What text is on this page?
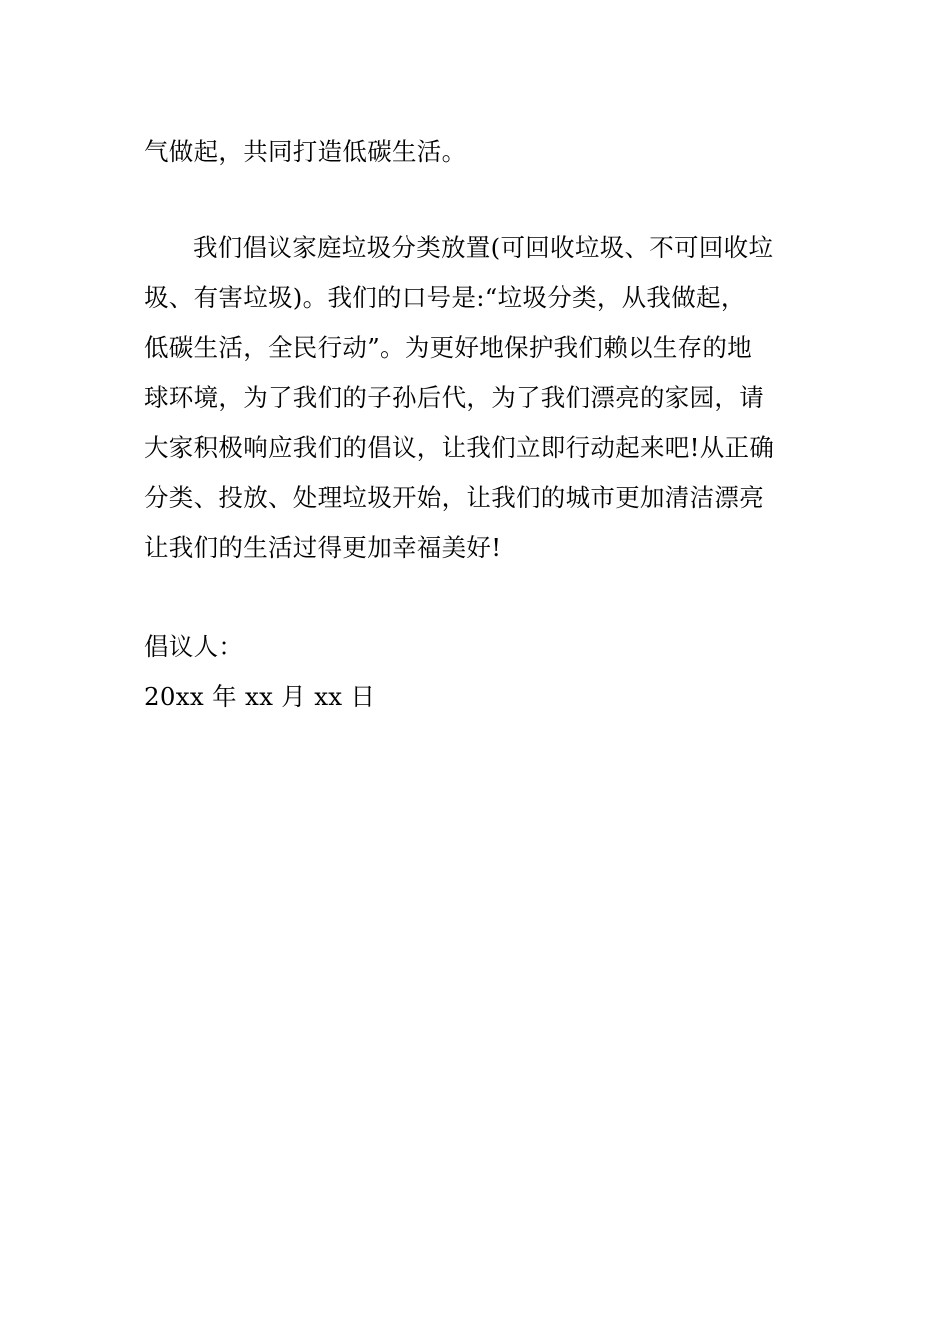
气做起，共同打造低碳生活。
我们倡议家庭垃圾分类放置(可回收垃圾、不可回收垃
圾、有害垃圾)。我们的口号是:“垃圾分类，从我做起，
低碳生活，全民行动”。为更好地保护我们赖以生存的地
球环境，为了我们的子孙后代，为了我们漂亮的家园，请
大家积极响应我们的倡议，让我们立即行动起来吧!从正确
分类、投放、处理垃圾开始，让我们的城市更加清洁漂亮
让我们的生活过得更加幸福美好!
倡议人：
20xx 年 xx 月 xx 日
